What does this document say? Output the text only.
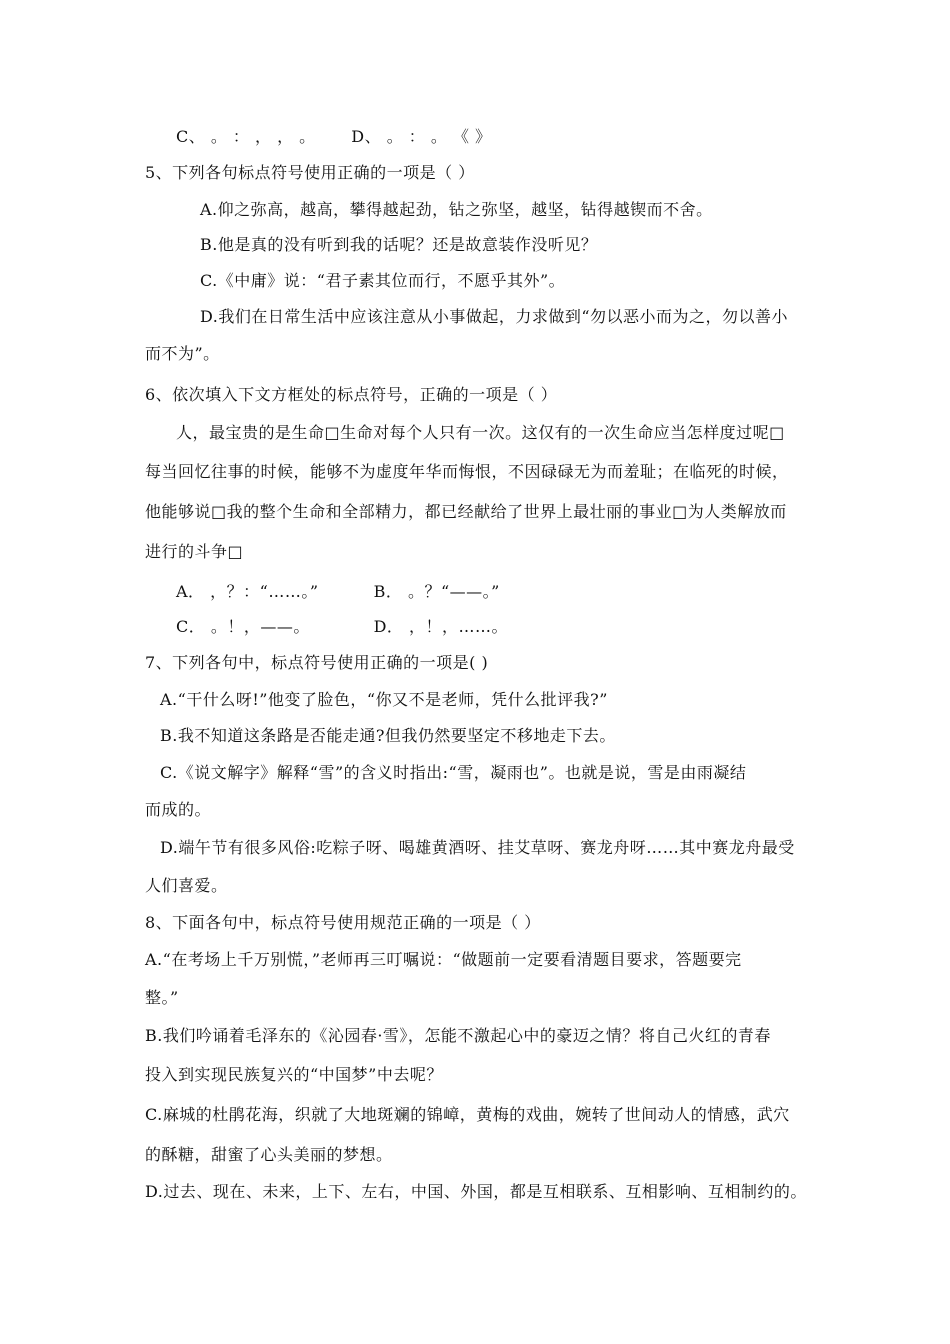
C、 。 ： ， ， 。 D、 。 ： 。 《 》
5、下列各句标点符号使用正确的一项是（ ）
A.仰之弥高，越高，攀得越起劲，钻之弥坚，越坚，钻得越锲而不舍。
B.他是真的没有听到我的话呢？还是故意装作没听见？
C.《中庸》说：“君子素其位而行，不愿乎其外”。
D.我们在日常生活中应该注意从小事做起，力求做到“勿以恶小而为之，勿以善小
而不为”。
6、依次填入下文方框处的标点符号，正确的一项是（ ）
人，最宝贵的是生命□生命对每个人只有一次。这仅有的一次生命应当怎样度过呢□
每当回忆往事的时候，能够不为虚度年华而悔恨，不因碌碌无为而羞耻；在临死的时候，
他能够说□我的整个生命和全部精力，都已经献给了世界上最壮丽的事业□为人类解放而
进行的斗争□
A． ，？：“……。”	B． 。？“——。”
C． 。！，——。	D． ，！，……。
7、下列各句中，标点符号使用正确的一项是( )
A.“干什么呀!”他变了脸色，“你又不是老师，凭什么批评我?”
B.我不知道这条路是否能走通?但我仍然要坚定不移地走下去。
C.《说文解字》解释“雪”的含义时指出:“雪，凝雨也”。也就是说，雪是由雨凝结
而成的。
D.端午节有很多风俗:吃粽子呀、喝雄黄酒呀、挂艾草呀、赛龙舟呀……其中赛龙舟最受
人们喜爱。
8、下面各句中，标点符号使用规范正确的一项是（ ）
A.“在考场上千万别慌，”老师再三叮嘱说：“做题前一定要看清题目要求，答题要完
整。”
B.我们吟诵着毛泽东的《沁园春·雪》，怎能不激起心中的豪迈之情？将自己火红的青春
投入到实现民族复兴的“中国梦”中去呢？
C.麻城的杜鹃花海，织就了大地斑斓的锦嶂，黄梅的戏曲，婉转了世间动人的情感，武穴
的酥糖，甜蜜了心头美丽的梦想。
D.过去、现在、未来，上下、左右，中国、外国，都是互相联系、互相影响、互相制约的。
